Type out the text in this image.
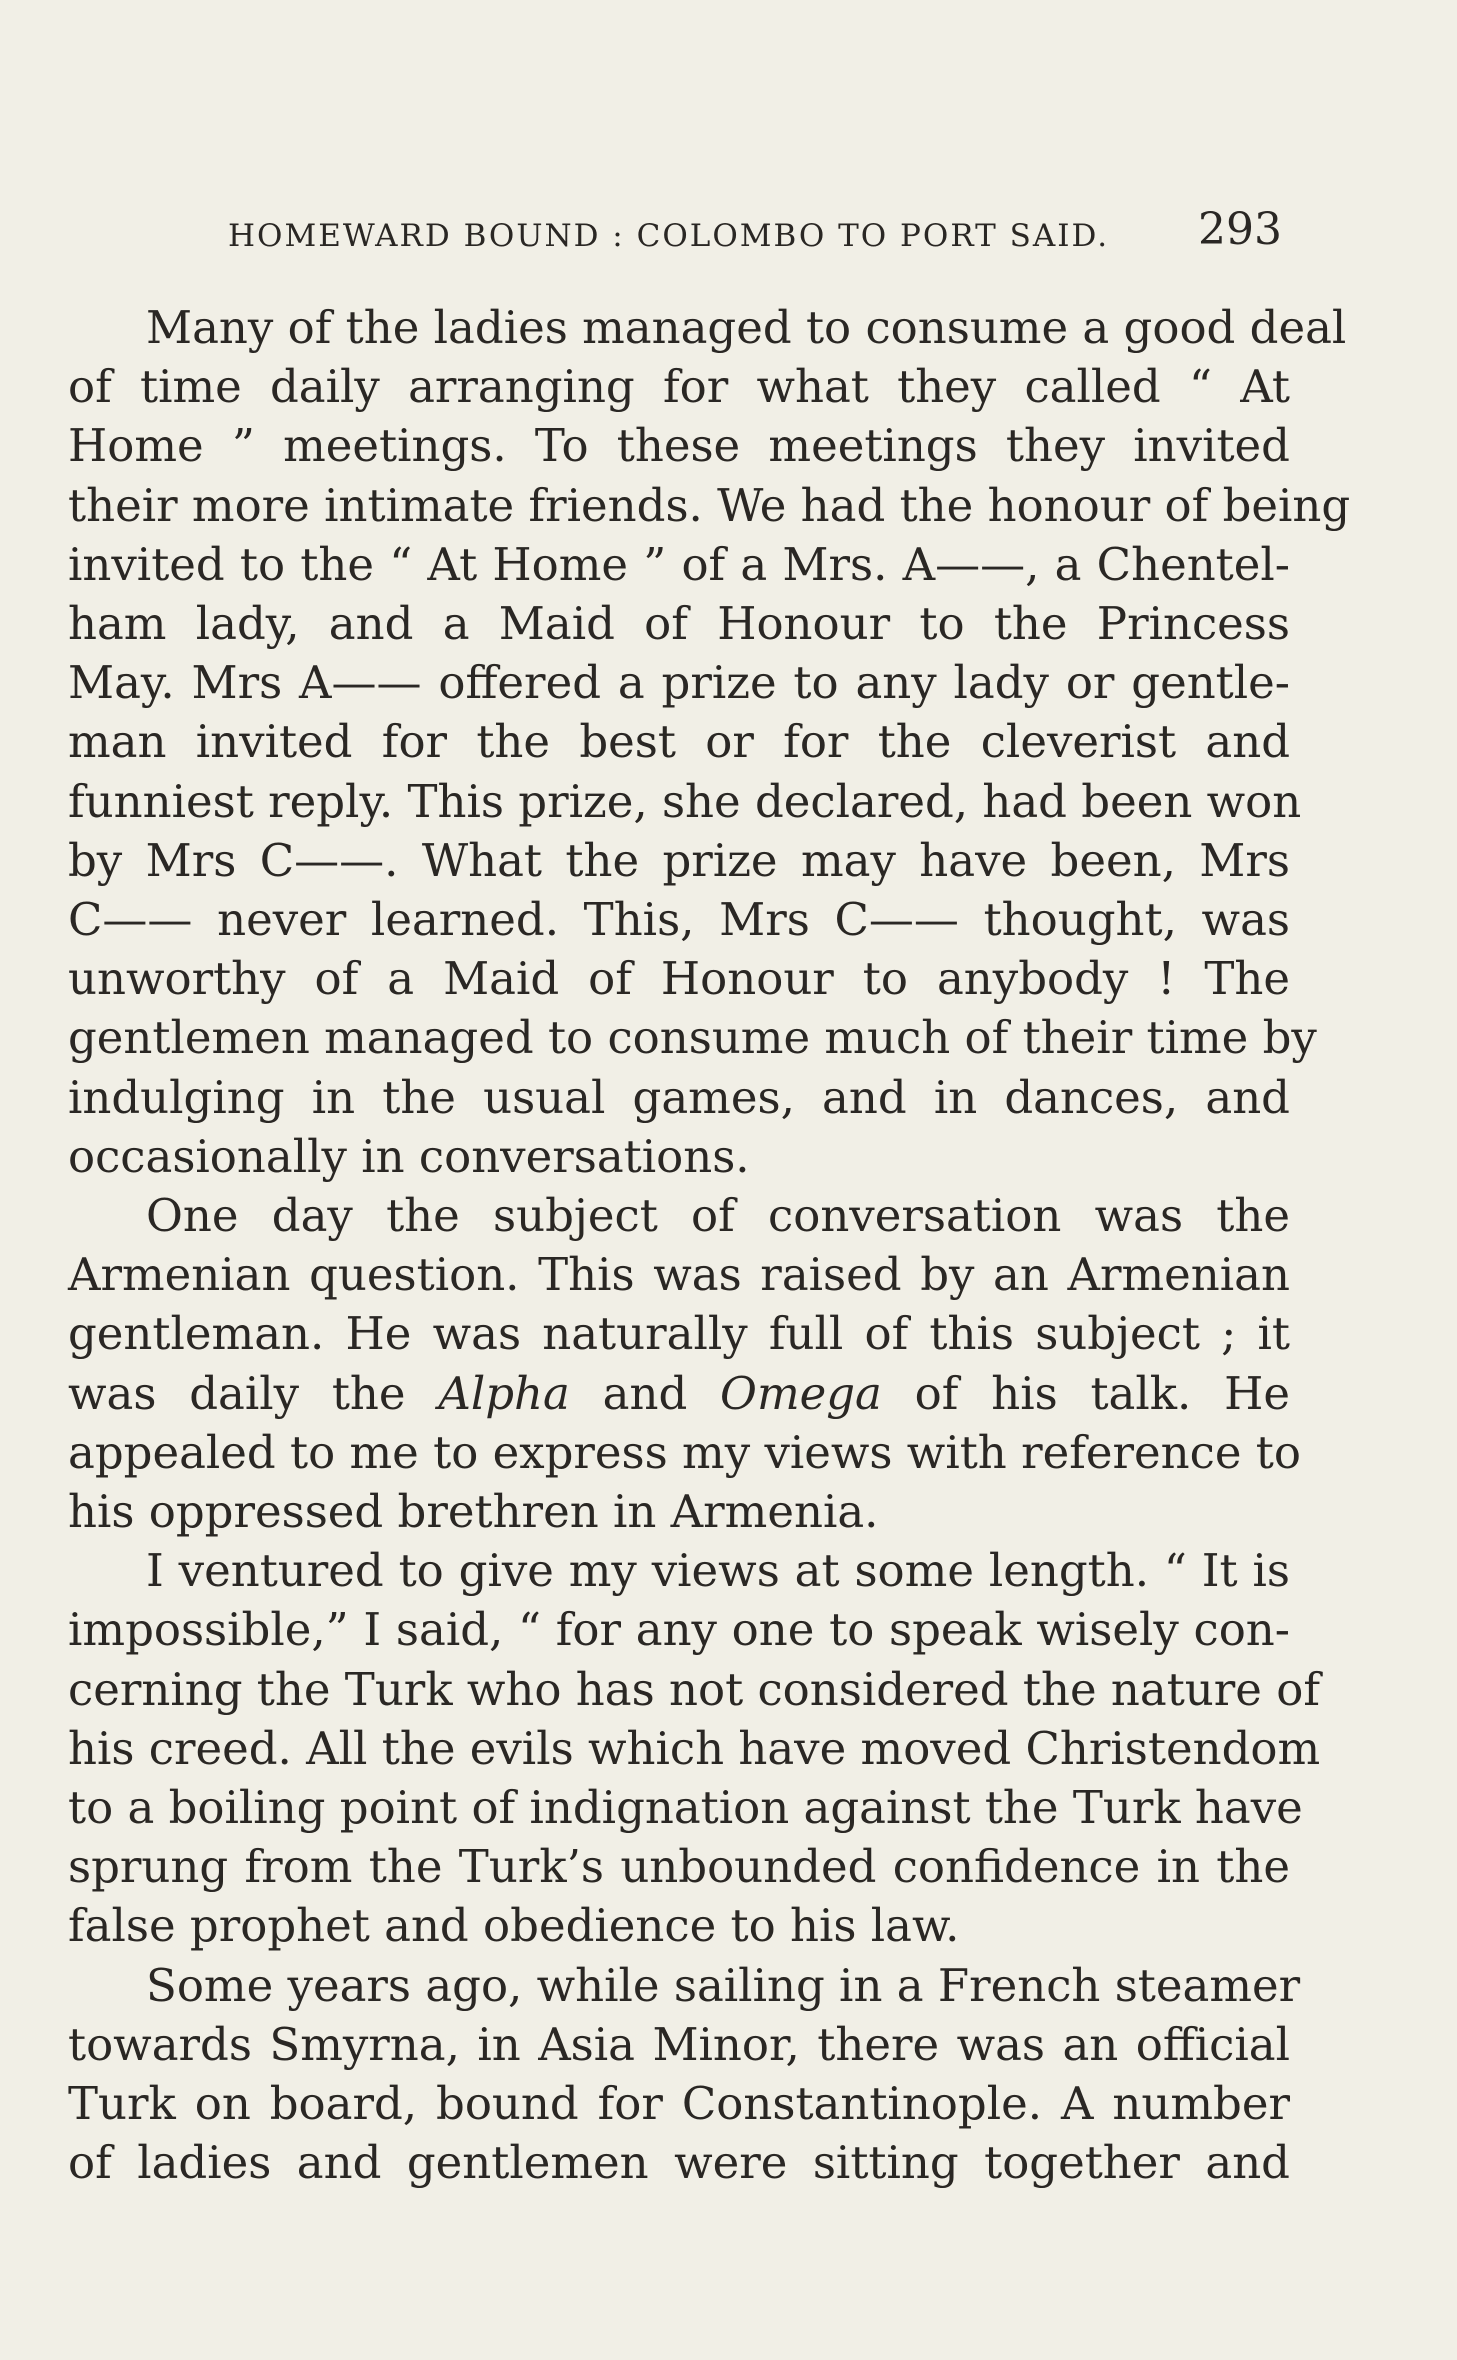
HOMEWARD BOUND : COLOMBO TO PORT SAID. 293
Many of the ladies managed to consume a good deal
of time daily arranging for what they called “ At
Home ” meetings. To these meetings they invited
their more intimate friends. We had the honour of being
invited to the “ At Home ” of a Mrs. A——, a Chentel-
ham lady, and a Maid of Honour to the Princess
May. Mrs A—— offered a prize to any lady or gentle-
man invited for the best or for the cleverist and
funniest reply. This prize, she declared, had been won
by Mrs C——. What the prize may have been, Mrs
C—— never learned. This, Mrs C—— thought, was
unworthy of a Maid of Honour to anybody ! The
gentlemen managed to consume much of their time by
indulging in the usual games, and in dances, and
occasionally in conversations.
One day the subject of conversation was the
Armenian question. This was raised by an Armenian
gentleman. He was naturally full of this subject ; it
was daily the Alpha and Omega of his talk. He
appealed to me to express my views with reference to
his oppressed brethren in Armenia.
I ventured to give my views at some length. “ It is
impossible,” I said, “ for any one to speak wisely con-
cerning the Turk who has not considered the nature of
his creed. All the evils which have moved Christendom
to a boiling point of indignation against the Turk have
sprung from the Turk’s unbounded confidence in the
false prophet and obedience to his law.
Some years ago, while sailing in a French steamer
towards Smyrna, in Asia Minor, there was an official
Turk on board, bound for Constantinople. A number
of ladies and gentlemen were sitting together and
